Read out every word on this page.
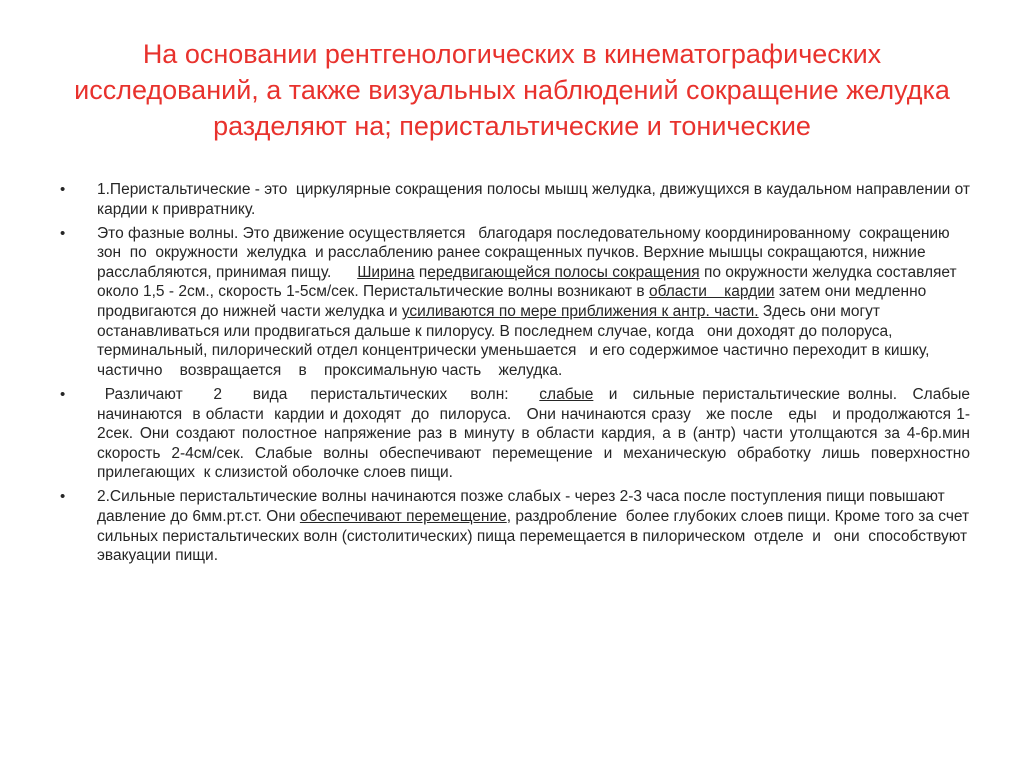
На основании рентгенологических в кинематографических исследований, а также визуальных наблюдений сокращение желудка разделяют на; перистальтические и тонические
• 1.Перистальтические - это  циркулярные сокращения полосы мышц желудка, движущихся в каудальном направлении от кардии к привратнику.
• Это фазные волны. Это движение осуществляется   благодаря последовательному координированному  сокращению  зон  по  окружности  желудка  и расслаблению ранее сокращенных пучков. Верхние мышцы сокращаются, нижние     расслабляются, принимая пищу.      Ширина передвигающейся полосы сокращения по окружности желудка составляет около 1,5 - 2см., скорость 1-5см/сек. Перистальтические волны возникают в области    кардии затем они медленно продвигаются до нижней части желудка и усиливаются по мере приближения к антр. части. Здесь они могут останавливаться или продвигаться дальше к пилорусу. В последнем случае, когда   они доходят до полоруса,   терминальный, пилорический отдел концентрически уменьшается   и его содержимое частично переходит в кишку,  частично    возвращается    в    проксимальную часть    желудка.
• Различают    2    вида   перистальтических   волн:    слабые  и  сильные перистальтические волны.  Слабые  начинаются  в области  кардии и доходят  до  пилоруса.   Они начинаются сразу   же после   еды   и продолжаются 1-2сек. Они создают полостное напряжение раз в минуту в области кардия, а в (антр) части утолщаются за 4-6р.мин скорость 2-4см/сек. Слабые волны обеспечивают перемещение и механическую обработку лишь поверхностно прилегающих  к слизистой оболочке слоев пищи.
• 2.Сильные перистальтические волны начинаются позже слабых - через 2-3 часа после поступления пищи повышают давление до 6мм.рт.ст. Они обеспечивают перемещение, раздробление  более глубоких слоев пищи. Кроме того за счет сильных перистальтических волн (систолитических) пища перемещается в пилорическом  отделе  и   они  способствуют эвакуации пищи.
